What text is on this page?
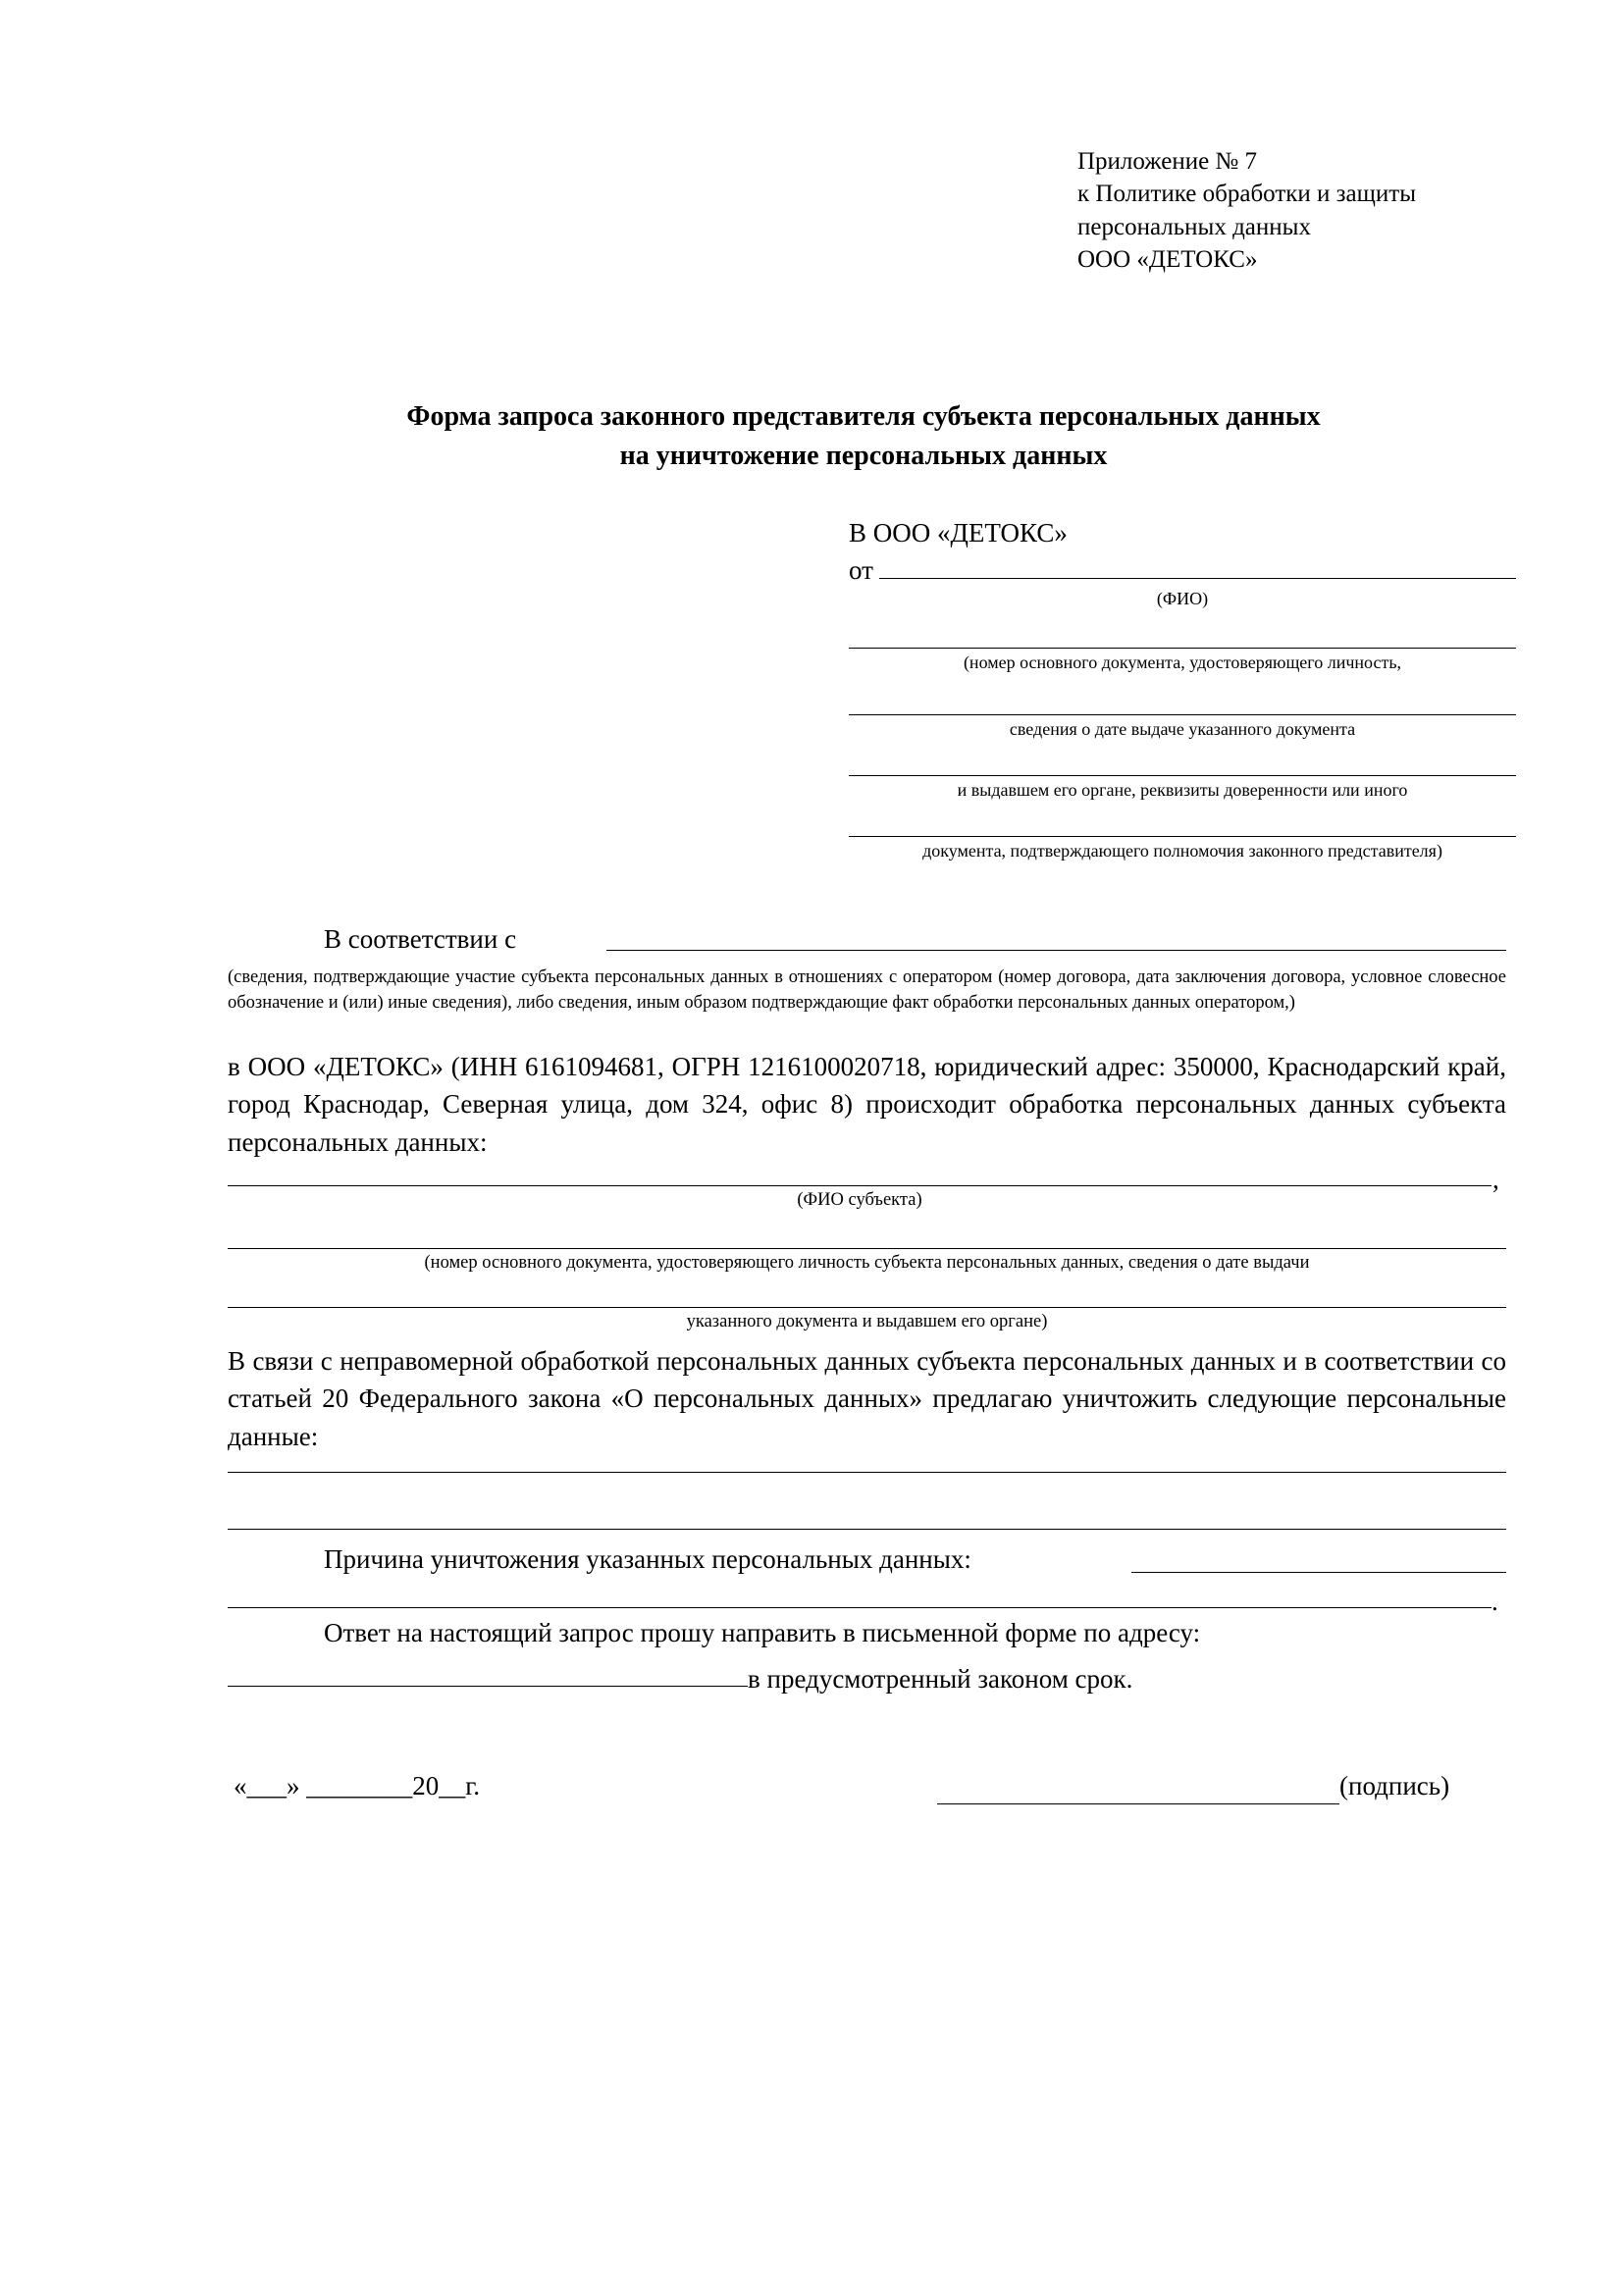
Приложение № 7
к Политике обработки и защиты
персональных данных
ООО «ДЕТОКС»
Форма запроса законного представителя субъекта персональных данных
на уничтожение персональных данных
В ООО «ДЕТОКС»
от
(ФИО)
(номер основного документа, удостоверяющего личность,
сведения о дате выдаче указанного документа
и выдавшем его органе, реквизиты доверенности или иного
документа, подтверждающего полномочия законного представителя)
В соответствии с
(сведения, подтверждающие участие субъекта персональных данных в отношениях с оператором (номер договора, дата заключения договора, условное словесное обозначение и (или) иные сведения), либо сведения, иным образом подтверждающие факт обработки персональных данных оператором,)
в ООО «ДЕТОКС» (ИНН 6161094681, ОГРН 1216100020718, юридический адрес: 350000, Краснодарский край, город Краснодар, Северная улица, дом 324, офис 8) происходит обработка персональных данных субъекта персональных данных:
,
(ФИО субъекта)
(номер основного документа, удостоверяющего личность субъекта персональных данных, сведения о дате выдачи
указанного документа и выдавшем его органе)
В связи с неправомерной обработкой персональных данных субъекта персональных данных и в соответствии со статьей 20 Федерального закона «О персональных данных» предлагаю уничтожить следующие персональные данные:
Причина уничтожения указанных персональных данных:
.
Ответ на настоящий запрос прошу направить в письменной форме по адресу:
в предусмотренный законом срок.
«___» ________20__г.	(подпись)
